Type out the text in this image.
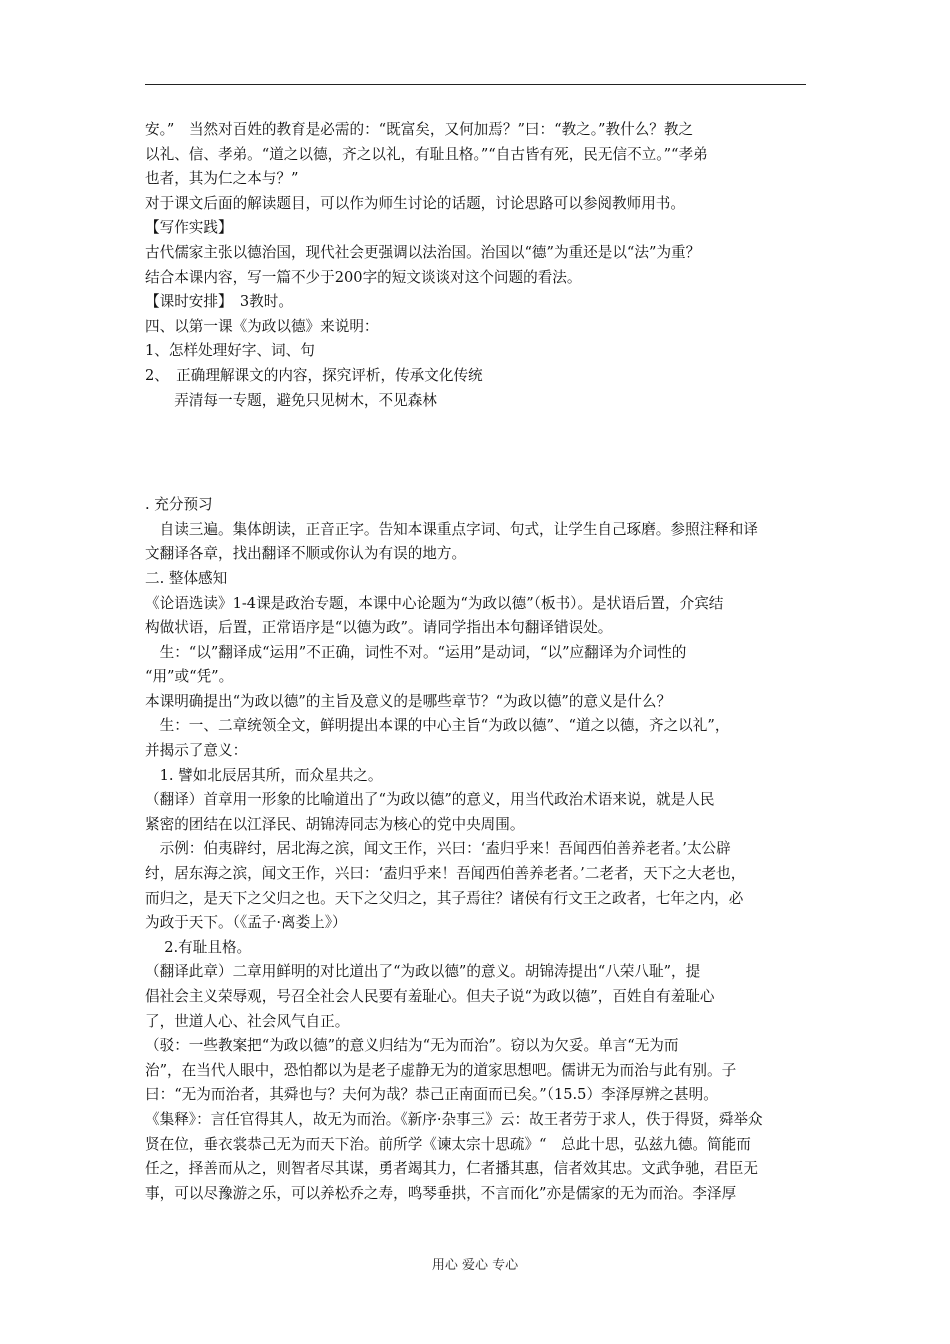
安。”　当然对百姓的教育是必需的：“既富矣，又何加焉？”曰：“教之。”教什么？教之
以礼、信、孝弟。“道之以德，齐之以礼，有耻且格。”“自古皆有死，民无信不立。”“孝弟
也者，其为仁之本与？”
对于课文后面的解读题目，可以作为师生讨论的话题，讨论思路可以参阅教师用书。
【写作实践】
古代儒家主张以德治国，现代社会更强调以法治国。治国以“德”为重还是以“法”为重？
结合本课内容，写一篇不少于200字的短文谈谈对这个问题的看法。
【课时安排】　3教时。
四、以第一课《为政以德》来说明：
1、怎样处理好字、词、句
2、　正确理解课文的内容，探究评析，传承文化传统
　　弄清每一专题，避免只见树木，不见森林
. 充分预习
　自读三遍。集体朗读，正音正字。告知本课重点字词、句式，让学生自己琢磨。参照注释和译
文翻译各章，找出翻译不顺或你认为有误的地方。
二. 整体感知
《论语选读》1-4课是政治专题，本课中心论题为“为政以德”（板书）。是状语后置，介宾结
构做状语，后置，正常语序是“以德为政”。请同学指出本句翻译错误处。
　生：“以”翻译成“运用”不正确，词性不对。“运用”是动词，“以”应翻译为介词性的
“用”或“凭”。
本课明确提出“为政以德”的主旨及意义的是哪些章节？“为政以德”的意义是什么？
　生：一、二章统领全文，鲜明提出本课的中心主旨“为政以德”、“道之以德，齐之以礼”，
并揭示了意义：
　1. 譬如北辰居其所，而众星共之。
（翻译）首章用一形象的比喻道出了“为政以德”的意义，用当代政治术语来说，就是人民
紧密的团结在以江泽民、胡锦涛同志为核心的党中央周围。
　示例：伯夷辟纣，居北海之滨，闻文王作，兴曰：‘盍归乎来！吾闻西伯善养老者。’太公辟
纣，居东海之滨，闻文王作，兴曰：‘盍归乎来！吾闻西伯善养老者。’二老者，天下之大老也，
而归之，是天下之父归之也。天下之父归之，其子焉往？诸侯有行文王之政者，七年之内，必
为政于天下。（《孟子·离娄上》）
　 2.有耻且格。
（翻译此章）二章用鲜明的对比道出了“为政以德”的意义。胡锦涛提出“八荣八耻”，提
倡社会主义荣辱观，号召全社会人民要有羞耻心。但夫子说“为政以德”，百姓自有羞耻心
了，世道人心、社会风气自正。
（驳：一些教案把“为政以德”的意义归结为“无为而治”。窃以为欠妥。单言“无为而
治”，在当代人眼中，恐怕都以为是老子虚静无为的道家思想吧。儒讲无为而治与此有别。子
曰：“无为而治者，其舜也与？夫何为哉？恭己正南面而已矣。”（15.5）李泽厚辨之甚明。
《集释》：言任官得其人，故无为而治。《新序·杂事三》云：故王者劳于求人，佚于得贤，舜举众
贤在位，垂衣裳恭己无为而天下治。前所学《谏太宗十思疏》“　总此十思，弘兹九德。简能而
任之，择善而从之，则智者尽其谋，勇者竭其力，仁者播其惠，信者效其忠。文武争驰，君臣无
事，可以尽豫游之乐，可以养松乔之寿，鸣琴垂拱，不言而化”亦是儒家的无为而治。李泽厚
用心 爱心 专心
